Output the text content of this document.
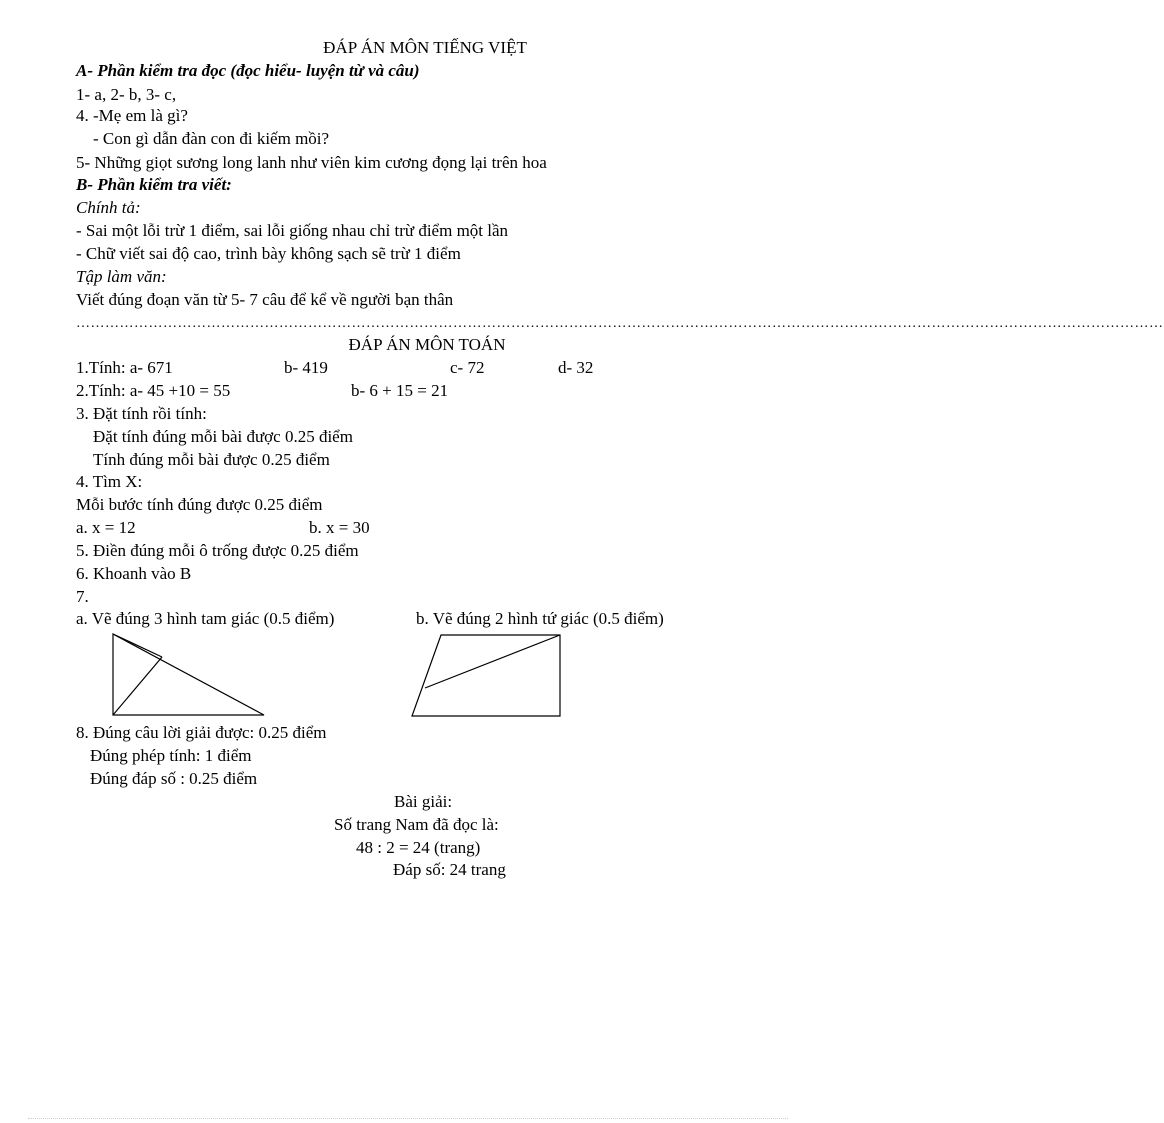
ĐÁP ÁN MÔN TIẾNG VIỆT
A- Phần kiểm tra đọc (đọc hiểu- luyện từ và câu)
1- a, 2- b, 3- c,
4. -Mẹ em là gì?
- Con gì dẫn đàn con đi kiếm mồi?
5- Những giọt sương long lanh như viên kim cương đọng lại trên hoa
B- Phần kiểm tra viết:
Chính tả:
- Sai một lỗi trừ 1 điểm, sai lỗi giống nhau chỉ trừ điểm một lần
- Chữ viết sai độ cao, trình bày không sạch sẽ trừ 1 điểm
Tập làm văn:
Viết đúng đoạn văn từ 5- 7 câu để kể về người bạn thân
………………………………………………………………………………………………………………………………………………………………………………………………………
ĐÁP ÁN MÔN TOÁN
1.Tính: a- 671	b- 419	c- 72	d- 32
2.Tính: a- 45 +10 = 55	b- 6 + 15 = 21
3. Đặt tính rồi tính:
Đặt tính đúng mỗi bài được 0.25 điểm
Tính đúng mỗi bài được 0.25 điểm
4. Tìm X:
Mỗi bước tính đúng được 0.25 điểm
a. x = 12	b. x = 30
5. Điền đúng mỗi ô trống được 0.25 điểm
6. Khoanh vào B
7.
a. Vẽ đúng 3 hình tam giác (0.5 điểm)	b. Vẽ đúng 2 hình tứ giác (0.5 điểm)
8. Đúng câu lời giải được: 0.25 điểm
Đúng phép tính: 1 điểm
Đúng đáp số : 0.25 điểm
Bài giải:
Số trang Nam đã đọc là:
48 : 2 = 24 (trang)
Đáp số: 24 trang
